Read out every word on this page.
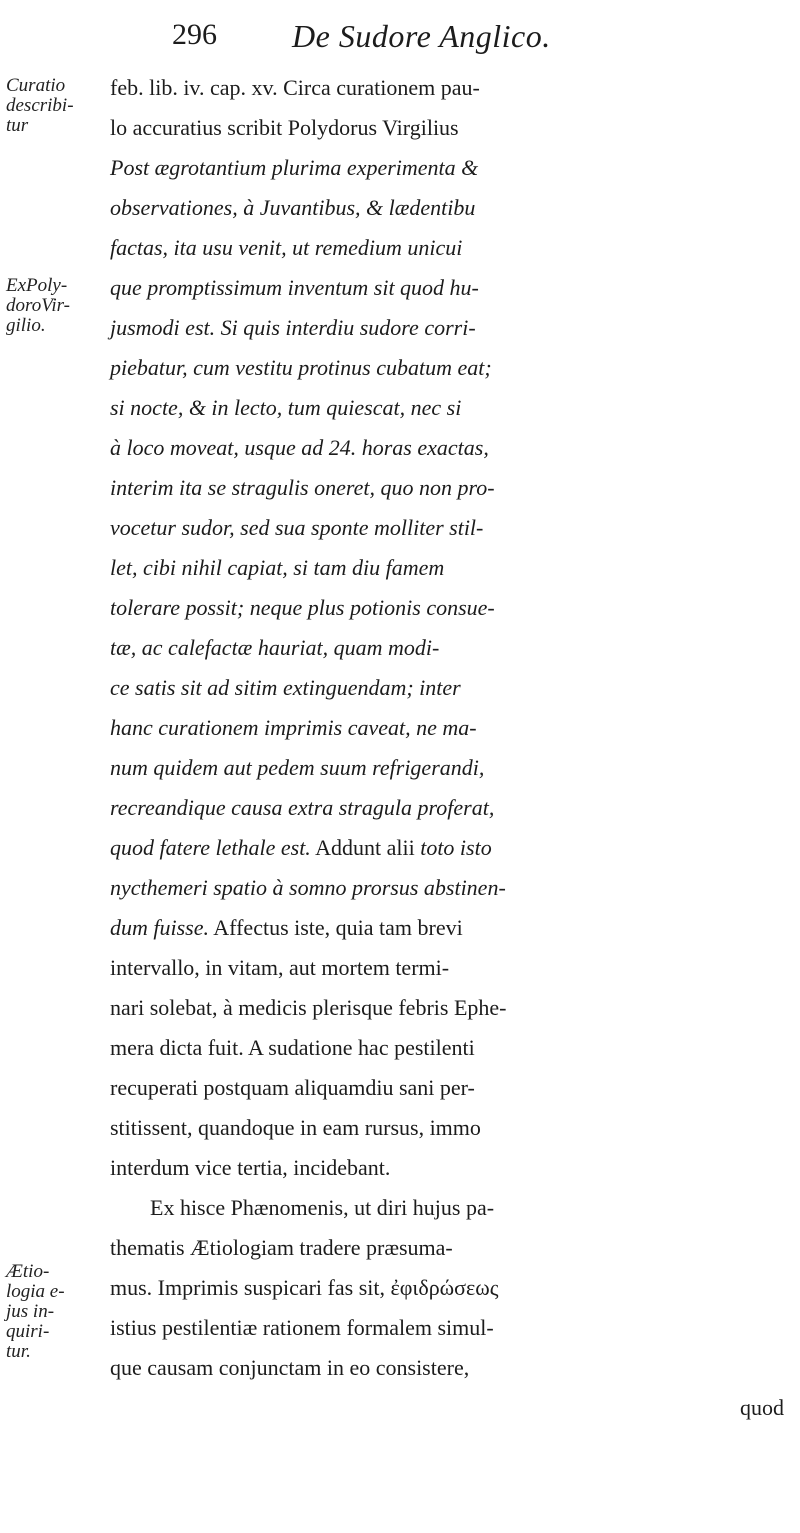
296 De Sudore Anglico.
Curatio
describi-
tur
ExPoly-
doroVir-
gilio.
Ætio-
logia e-
jus in-
quiri-
tur.
feb. lib. iv. cap. xv. Circa curationem pau-
lo accuratius scribit Polydorus Virgilius
Post ægrotantium plurima experimenta &
observationes, à Juvantibus, & lædentibu
factas, ita usu venit, ut remedium unicui
que promptissimum inventum sit quod hu-
jusmodi est. Si quis interdiu sudore corri-
piebatur, cum vestitu protinus cubatum eat;
si nocte, & in lecto, tum quiescat, nec si
à loco moveat, usque ad 24. horas exactas,
interim ita se stragulis oneret, quo non pro-
vocetur sudor, sed sua sponte molliter stil-
let, cibi nihil capiat, si tam diu famem
tolerare possit; neque plus potionis consue-
tæ, ac calefactæ hauriat, quam modi-
ce satis sit ad sitim extinguendam; inter
hanc curationem imprimis caveat, ne ma-
num quidem aut pedem suum refrigerandi,
recreandique causa extra stragula proferat,
quod fatere lethale est. Addunt alii toto isto
nycthemeri spatio à somno prorsus abstinen-
dum fuisse. Affectus iste, quia tam brevi
intervallo, in vitam, aut mortem termi-
nari solebat, à medicis plerisque febris Ephe-
mera dicta fuit. A sudatione hac pestilenti
recuperati postquam aliquamdiu sani per-
stitissent, quandoque in eam rursus, immo
interdum vice tertia, incidebant.
Ex hisce Phænomenis, ut diri hujus pa-
thematis Ætiologiam tradere præsuma-
mus. Imprimis suspicari fas sit, ἐφιδρώσεως
istius pestilentiæ rationem formalem simul-
que causam conjunctam in eo consistere,
quod
